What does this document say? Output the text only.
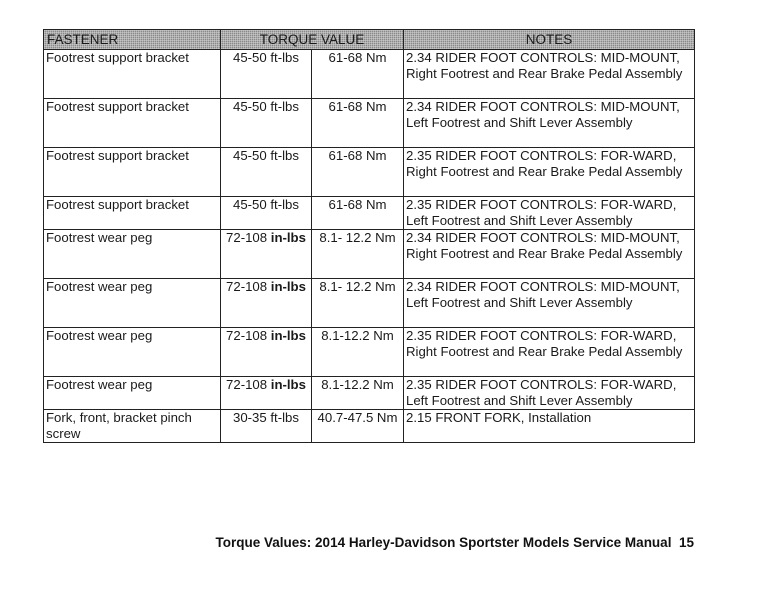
FASTENER	TORQUE VALUE		NOTES
Footrest support bracket	45-50 ft-lbs	61-68 Nm	2.34 RIDER FOOT CONTROLS: MID-MOUNT, Right Footrest and Rear Brake Pedal Assembly
Footrest support bracket	45-50 ft-lbs	61-68 Nm	2.34 RIDER FOOT CONTROLS: MID-MOUNT, Left Footrest and Shift Lever Assembly
Footrest support bracket	45-50 ft-lbs	61-68 Nm	2.35 RIDER FOOT CONTROLS: FOR-WARD, Right Footrest and Rear Brake Pedal Assembly
Footrest support bracket	45-50 ft-lbs	61-68 Nm	2.35 RIDER FOOT CONTROLS: FOR-WARD, Left Footrest and Shift Lever Assembly
Footrest wear peg	72-108 in-lbs	8.1- 12.2 Nm	2.34 RIDER FOOT CONTROLS: MID-MOUNT, Right Footrest and Rear Brake Pedal Assembly
Footrest wear peg	72-108 in-lbs	8.1- 12.2 Nm	2.34 RIDER FOOT CONTROLS: MID-MOUNT, Left Footrest and Shift Lever Assembly
Footrest wear peg	72-108 in-lbs	8.1-12.2 Nm	2.35 RIDER FOOT CONTROLS: FOR-WARD, Right Footrest and Rear Brake Pedal Assembly
Footrest wear peg	72-108 in-lbs	8.1-12.2 Nm	2.35 RIDER FOOT CONTROLS: FOR-WARD, Left Footrest and Shift Lever Assembly
Fork, front, bracket pinch screw	30-35 ft-lbs	40.7-47.5 Nm	2.15 FRONT FORK, Installation
Torque Values: 2014 Harley-Davidson Sportster Models Service Manual 15
